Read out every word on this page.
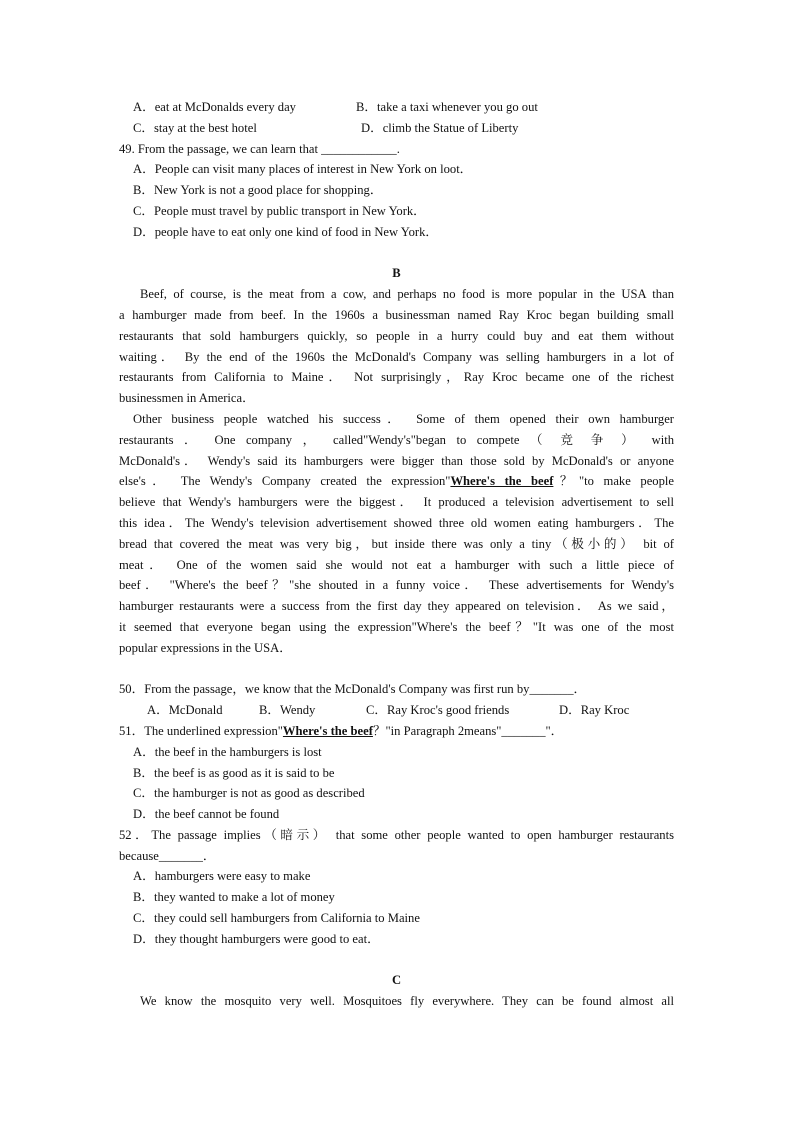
A．eat at McDonalds every day	B．take a taxi whenever you go out
C．stay at the best hotel	D．climb the Statue of Liberty
49. From the passage, we can learn that ____________.
A．People can visit many places of interest in New York on loot．
B．New York is not a good place for shopping．
C．People must travel by public transport in New York．
D．people have to eat only one kind of food in New York．
B
Beef, of course, is the meat from a cow, and perhaps no food is more popular in the USA than
a hamburger made from beef. In the 1960s a businessman named Ray Kroc began building small
restaurants that sold hamburgers quickly, so people in a hurry could buy and eat them without
waiting． By the end of the 1960s the McDonald's Company was selling hamburgers in a lot of
restaurants from California to Maine． Not surprisingly，Ray Kroc became one of the richest
businessmen in America．
Other business people watched his success． Some of them opened their own hamburger
restaurants ． One company ， called"Wendy's"began to compete （ 竞 争 ） with
McDonald's． Wendy's said its hamburgers were bigger than those sold by McDonald's or anyone
else's． The Wendy's Company created the expression"Where's the beef？"to make people
believe that Wendy's hamburgers were the biggest． It produced a television advertisement to sell
this idea．The Wendy's television advertisement showed three old women eating hamburgers．The
bread that covered the meat was very big，but inside there was only a tiny（极小的） bit of
meat． One of the women said she would not eat a hamburger with such a little piece of
beef． "Where's the beef？"she shouted in a funny voice． These advertisements for Wendy's
hamburger restaurants were a success from the first day they appeared on television． As we said，
it seemed that everyone began using the expression"Where's the beef？"It was one of the most
popular expressions in the USA．
50．From the passage，we know that the McDonald's Company was first run by_______．
A．McDonald	B．Wendy	C．Ray Kroc's good friends	D．Ray Kroc
51．The underlined expression"Where's the beef？"in Paragraph 2means"_______"．
A．the beef in the hamburgers is lost
B．the beef is as good as it is said to be
C．the hamburger is not as good as described
D．the beef cannot be found
52．The passage implies（暗示） that some other people wanted to open hamburger restaurants
because_______．
A．hamburgers were easy to make
B．they wanted to make a lot of money
C．they could sell hamburgers from California to Maine
D．they thought hamburgers were good to eat．
C
We know the mosquito very well. Mosquitoes fly everywhere. They can be found almost all
